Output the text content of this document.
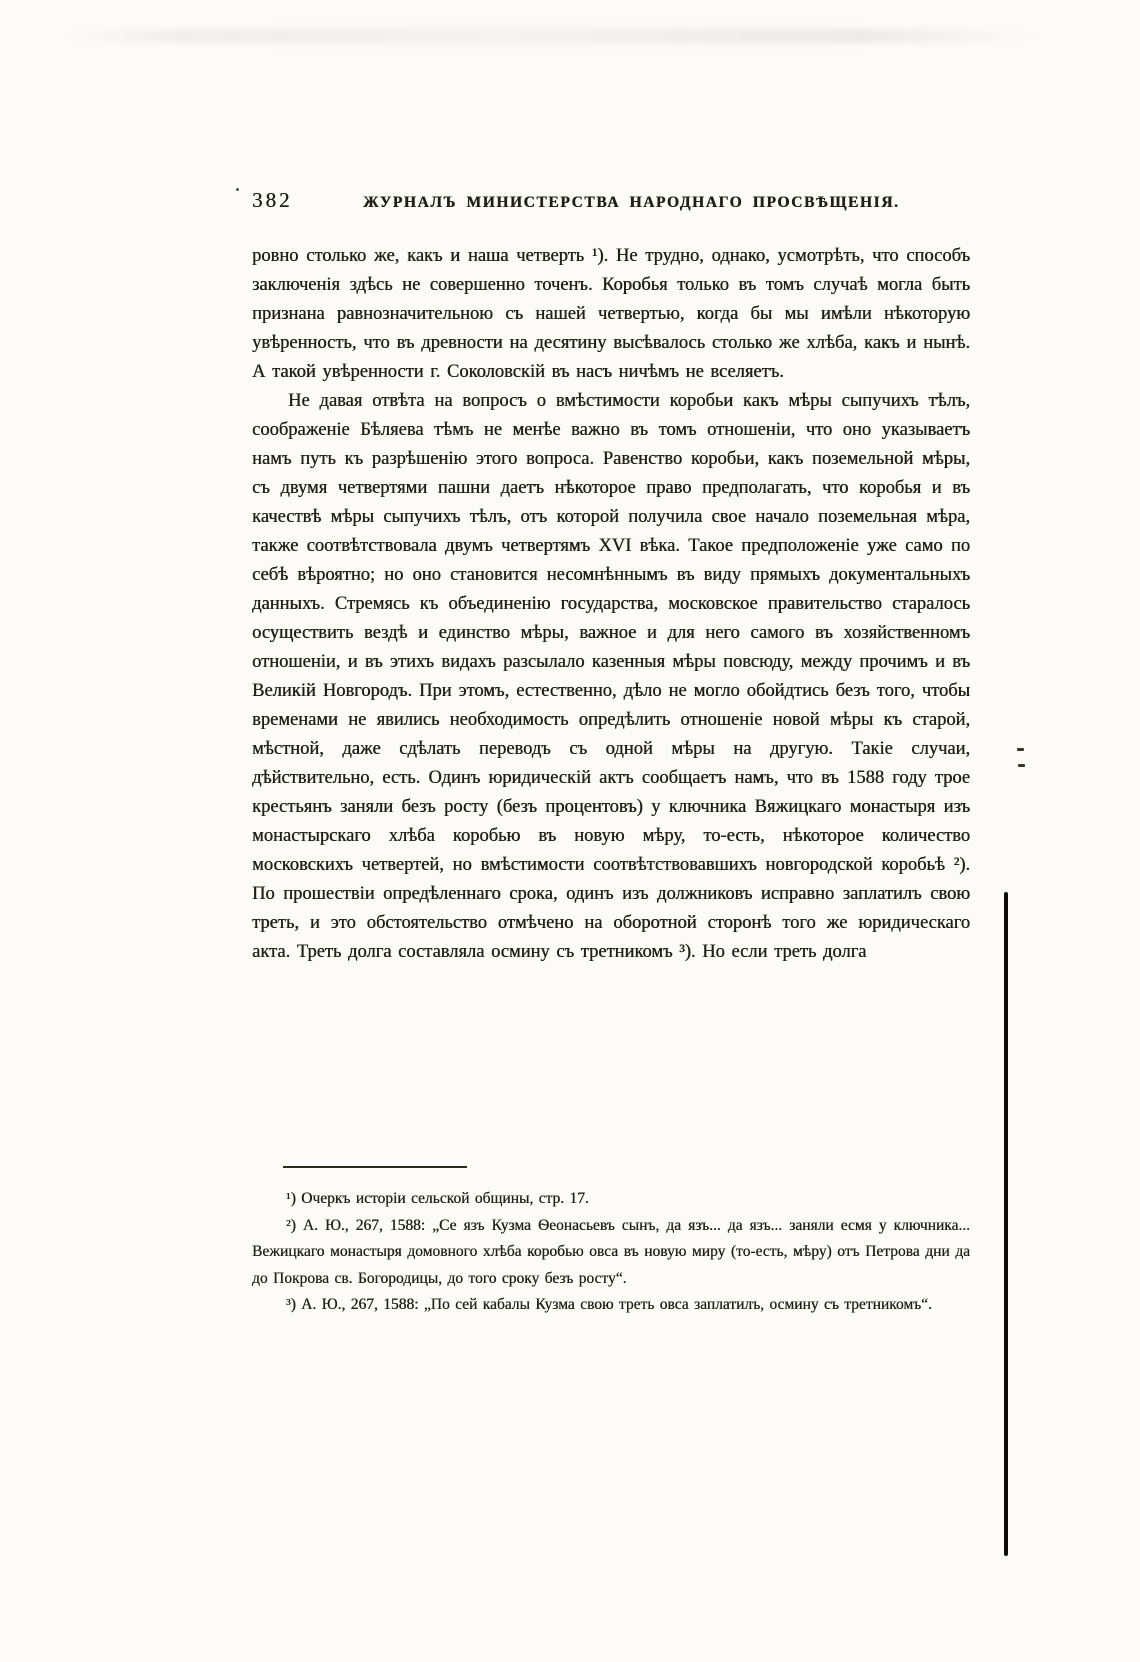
382	ЖУРНАЛЪ МИНИСТЕРСТВА НАРОДНАГО ПРОСВѢЩЕНІЯ.

ровно столько же, какъ и наша четверть ¹). Не трудно, однако, усмотрѣть, что способъ заключенія здѣсь не совершенно точенъ. Коробья только въ томъ случаѣ могла быть признана равнозначительною съ нашей четвертью, когда бы мы имѣли нѣкоторую увѣренность, что въ древности на десятину высѣвалось столько же хлѣба, какъ и нынѣ. А такой увѣренности г. Соколовскій въ насъ ничѣмъ не вселяетъ.

Не давая отвѣта на вопросъ о вмѣстимости коробьи какъ мѣры сыпучихъ тѣлъ, соображеніе Бѣляева тѣмъ не менѣе важно въ томъ отношеніи, что оно указываетъ намъ путь къ разрѣшенію этого вопроса. Равенство коробьи, какъ поземельной мѣры, съ двумя четвертями пашни даетъ нѣкоторое право предполагать, что коробья и въ качествѣ мѣры сыпучихъ тѣлъ, отъ которой получила свое начало поземельная мѣра, также соотвѣтствовала двумъ четвертямъ XVI вѣка. Такое предположеніе уже само по себѣ вѣроятно; но оно становится несомнѣннымъ въ виду прямыхъ документальныхъ данныхъ. Стремясь къ объединенію государства, московское правительство старалось осуществить вездѣ и единство мѣры, важное и для него самого въ хозяйственномъ отношеніи, и въ этихъ видахъ разсылало казенныя мѣры повсюду, между прочимъ и въ Великій Новгородъ. При этомъ, естественно, дѣло не могло обойдтись безъ того, чтобы временами не явились необходимость опредѣлить отношеніе новой мѣры къ старой, мѣстной, даже сдѣлать переводъ съ одной мѣры на другую. Такіе случаи, дѣйствительно, есть. Одинъ юридическій актъ сообщаетъ намъ, что въ 1588 году трое крестьянъ заняли безъ росту (безъ процентовъ) у ключника Вяжицкаго монастыря изъ монастырскаго хлѣба коробью въ новую мѣру, то-есть, нѣкоторое количество московскихъ четвертей, но вмѣстимости соотвѣтствовавшихъ новгородской коробьѣ ²). По прошествіи опредѣленнаго срока, одинъ изъ должниковъ исправно заплатилъ свою треть, и это обстоятельство отмѣчено на оборотной сторонѣ того же юридическаго акта. Треть долга составляла осмину съ третникомъ ³). Но если треть долга

¹) Очеркъ исторіи сельской общины, стр. 17.

²) А. Ю., 267, 1588: „Се язъ Кузма Ѳеонасьевъ сынъ, да язъ... да язъ... заняли есмя у ключника... Вежицкаго монастыря домовного хлѣба коробью овса въ новую миру (то-есть, мѣру) отъ Петрова дни да до Покрова св. Богородицы, до того сроку безъ росту“.

³) А. Ю., 267, 1588: „По сей кабалы Кузма свою треть овса заплатилъ, осмину съ третникомъ“.
